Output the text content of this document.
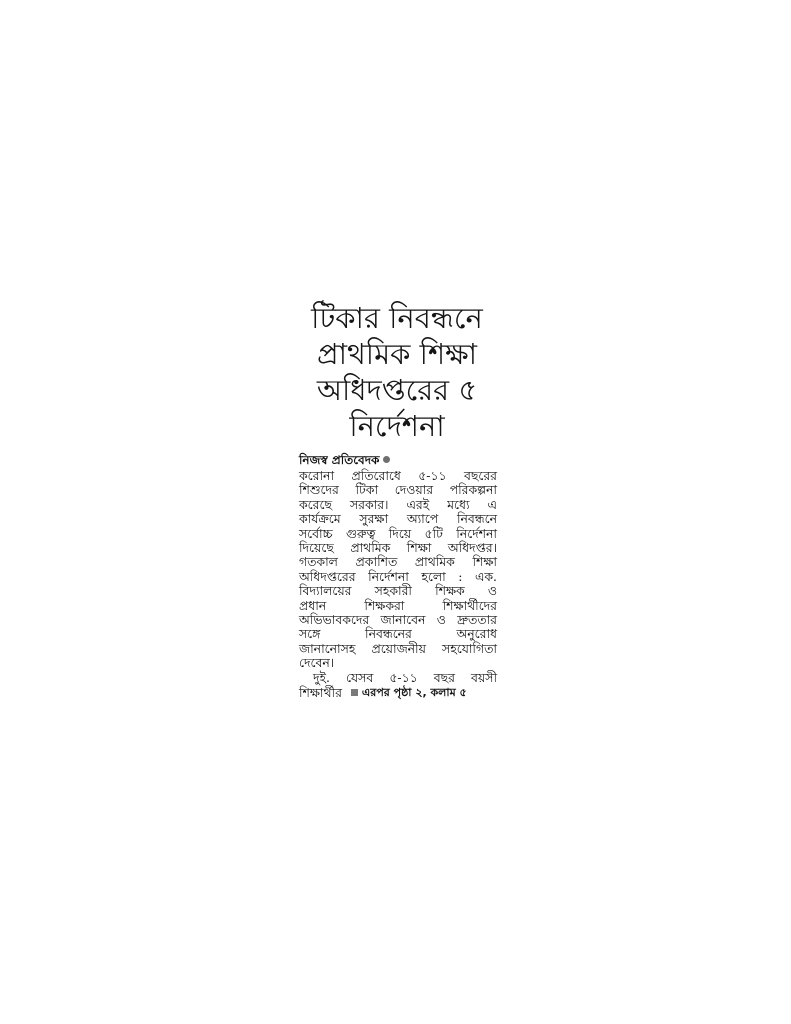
টিকার নিবন্ধনে
প্রাথমিক শিক্ষা
অধিদপ্তরের ৫
নির্দেশনা
নিজস্ব প্রতিবেদক
করোনা প্রতিরোধে ৫-১১ বছরের
শিশুদের টিকা দেওয়ার পরিকল্পনা
করেছে সরকার। এরই মধ্যে এ
কার্যক্রমে সুরক্ষা অ্যাপে নিবন্ধনে
সর্বোচ্চ গুরুত্ব দিয়ে ৫টি নির্দেশনা
দিয়েছে প্রাথমিক শিক্ষা অধিদপ্তর।
গতকাল প্রকাশিত প্রাথমিক শিক্ষা
অধিদপ্তরের নির্দেশনা হলো : এক.
বিদ্যালয়ের সহকারী শিক্ষক ও
প্রধান শিক্ষকরা শিক্ষার্থীদের
অভিভাবকদের জানাবেন ও দ্রুততার
সঙ্গে নিবন্ধনের অনুরোধ
জানানোসহ প্রয়োজনীয় সহযোগিতা
দেবেন।
দুই. যেসব ৫-১১ বছর বয়সী
শিক্ষার্থীর এরপর পৃষ্ঠা ২, কলাম ৫
